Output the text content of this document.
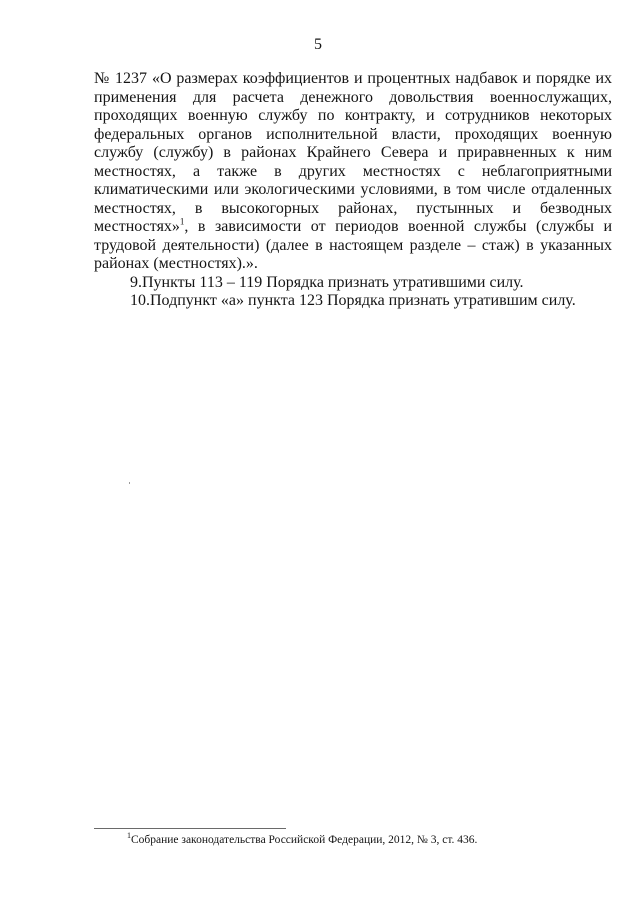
5

№ 1237 «О размерах коэффициентов и процентных надбавок и порядке их применения для расчета денежного довольствия военнослужащих, проходящих военную службу по контракту, и сотрудников некоторых федеральных органов исполнительной власти, проходящих военную службу (службу) в районах Крайнего Севера и приравненных к ним местностях, а также в других местностях с неблагоприятными климатическими или экологическими условиями, в том числе отдаленных местностях, в высокогорных районах, пустынных и безводных местностях»$^1$, в зависимости от периодов военной службы (службы и трудовой деятельности) (далее в настоящем разделе – стаж) в указанных районах (местностях).».

9.Пункты 113 – 119 Порядка признать утратившими силу.

10.Подпункт «а» пункта 123 Порядка признать утратившим силу.

$^1$Собрание законодательства Российской Федерации, 2012, № 3, ст. 436.
